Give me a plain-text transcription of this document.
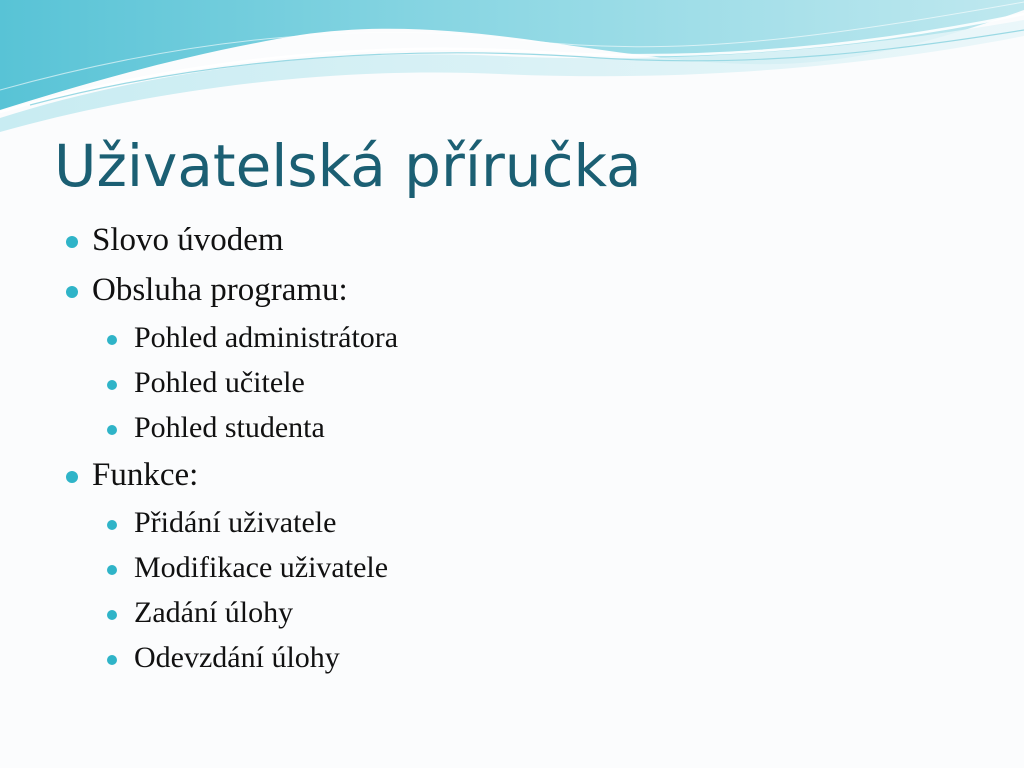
Uživatelská příručka
Slovo úvodem
Obsluha programu:
Pohled administrátora
Pohled učitele
Pohled studenta
Funkce:
Přidání uživatele
Modifikace uživatele
Zadání úlohy
Odevzdání úlohy
